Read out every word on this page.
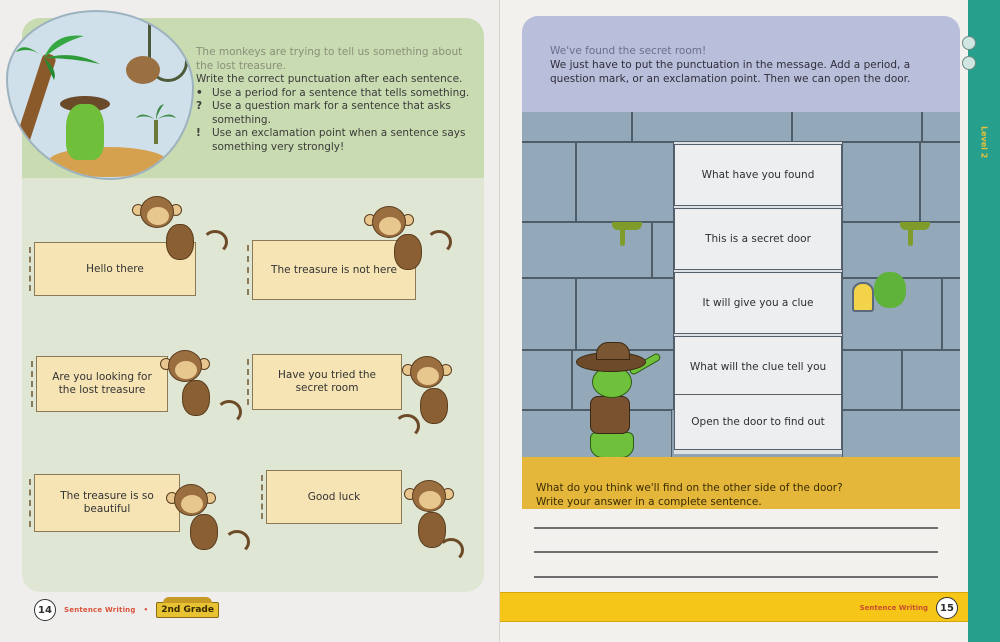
The monkeys are trying to tell us something about the lost treasure.

Write the correct punctuation after each sentence.

• Use a period for a sentence that tells something.
? Use a question mark for a sentence that asks something.
!	Use an exclamation point when a sentence says something very strongly!
Hello there	The treasure is not here
Are you looking for the lost treasure
Have you tried the secret room
The treasure is so beautiful
Good luck
14	Sentence Writing •	2nd Grade

We've found the secret room!

We just have to put the punctuation in the message. Add a period, a question mark, or an exclamation point. Then we can open the door.

What have you found
This is a secret door
It will give you a clue
What will the clue tell you
Open the door to find out

What do you think we'll find on the other side of the door?

Write your answer in a complete sentence.

Sentence Writing	15
Level 2
